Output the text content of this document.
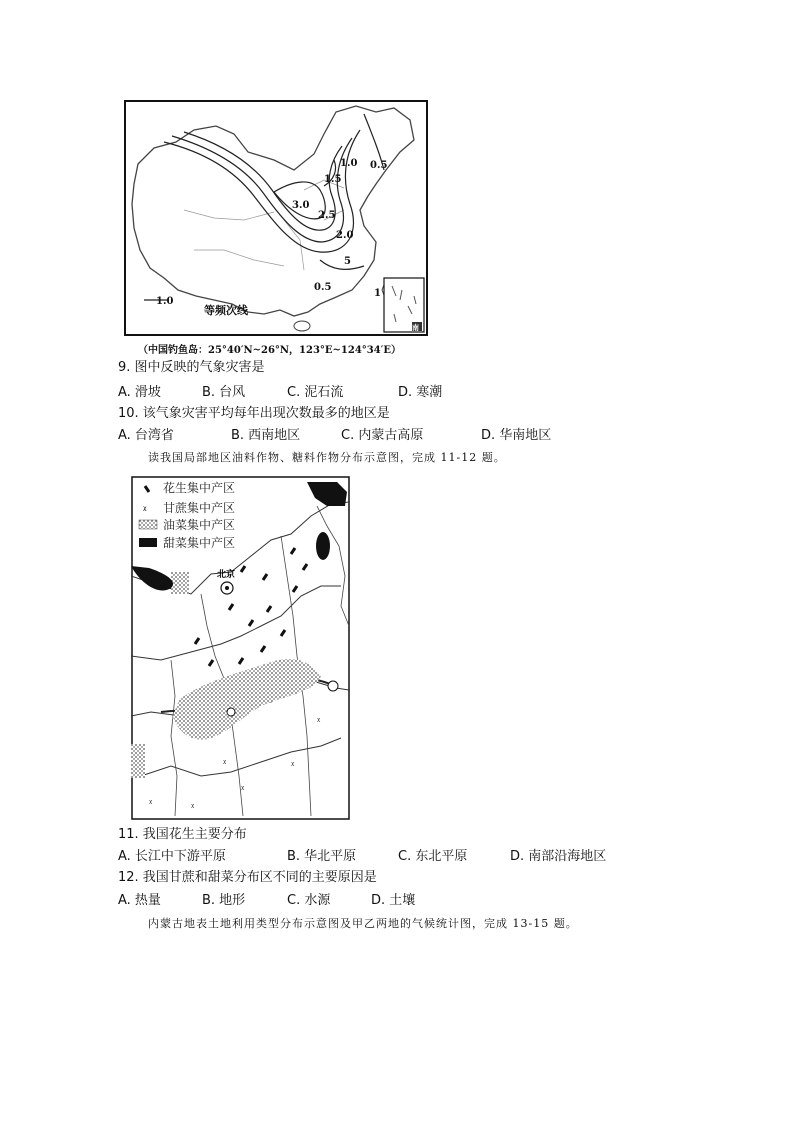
南
0.5
1.0
1.5
3.0
2.5
2.0
5
0.5
1
1.0
等频次线
（中国钓鱼岛：25°40′N~26°N，123°E~124°34′E）
9. 图中反映的气象灾害是
A. 滑坡	B. 台风	C. 泥石流	D. 寒潮
10. 该气象灾害平均每年出现次数最多的地区是
A. 台湾省	B. 西南地区	C. 内蒙古高原	D. 华南地区
读我国局部地区油料作物、糖料作物分布示意图，完成 11-12 题。
ᵡ
ᵡ	ᵡ
ᵡ	ᵡ
ᵡ
北京
花生集中产区
ᵡ 甘蔗集中产区
油菜集中产区
甜菜集中产区
11. 我国花生主要分布
A. 长江中下游平原	B. 华北平原	C. 东北平原	D. 南部沿海地区
12. 我国甘蔗和甜菜分布区不同的主要原因是
A. 热量	B. 地形	C. 水源	D. 土壤
内蒙古地表土地利用类型分布示意图及甲乙两地的气候统计图，完成 13-15 题。
